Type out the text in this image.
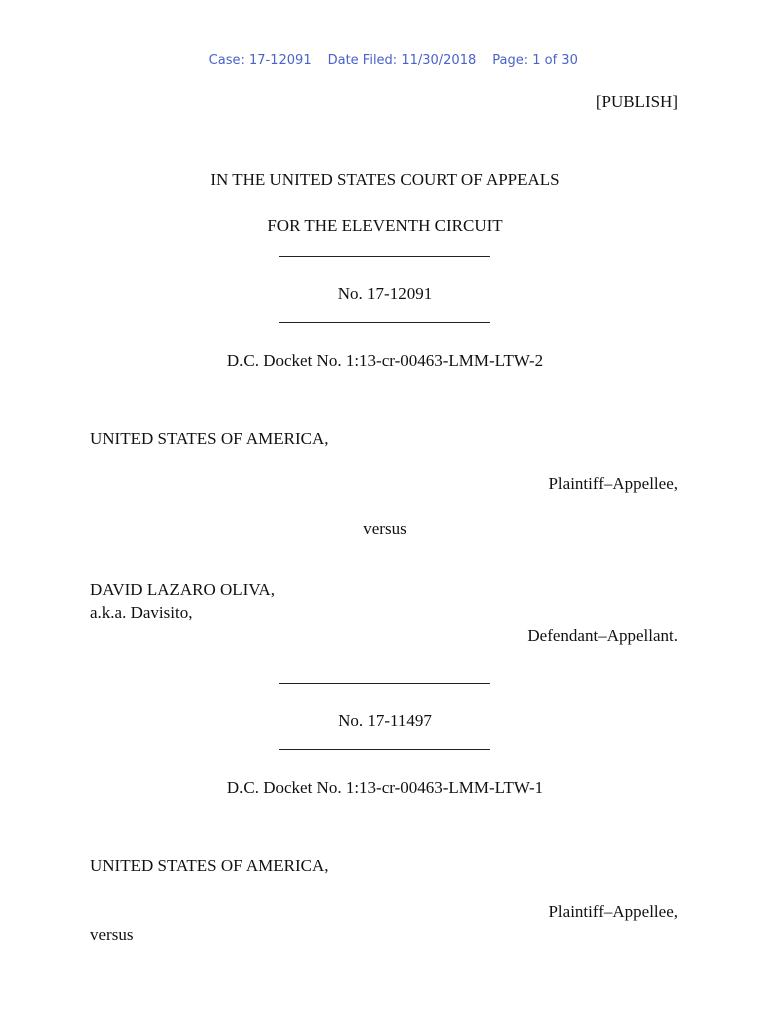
Case: 17-12091 Date Filed: 11/30/2018 Page: 1 of 30

[PUBLISH]
IN THE UNITED STATES COURT OF APPEALS
FOR THE ELEVENTH CIRCUIT
No. 17-12091
D.C. Docket No. 1:13-cr-00463-LMM-LTW-2
UNITED STATES OF AMERICA,
Plaintiff–Appellee,
versus
DAVID LAZARO OLIVA,
a.k.a. Davisito,
Defendant–Appellant.
No. 17-11497
D.C. Docket No. 1:13-cr-00463-LMM-LTW-1
UNITED STATES OF AMERICA,
Plaintiff–Appellee,
versus
